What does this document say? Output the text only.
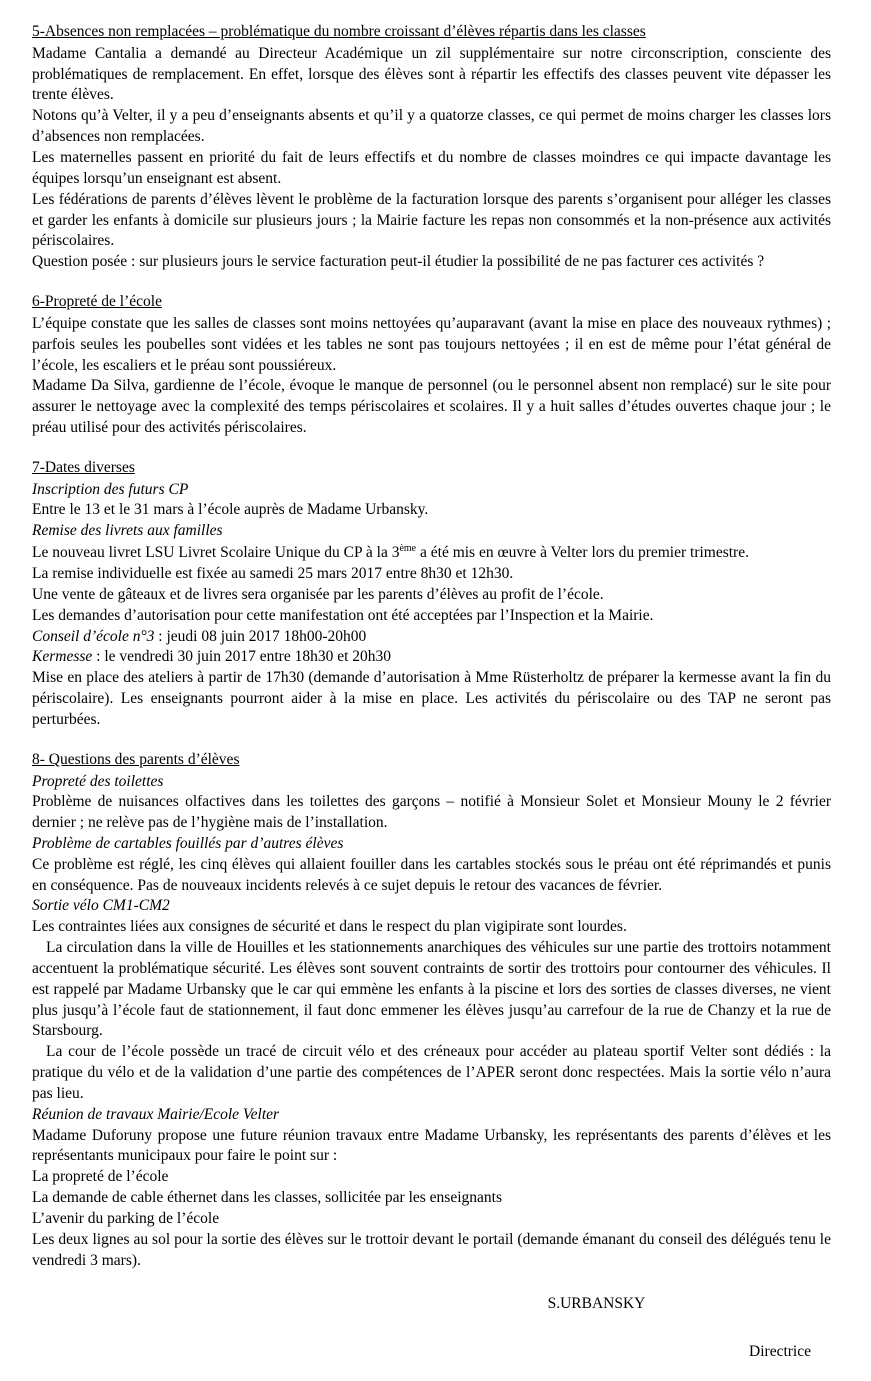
5-Absences non remplacées – problématique du nombre croissant d’élèves répartis dans les classes

Madame Cantalia a demandé au Directeur Académique un zil supplémentaire sur notre circonscription, consciente des problématiques de remplacement. En effet, lorsque des élèves sont à répartir les effectifs des classes peuvent vite dépasser les trente élèves.

Notons qu’à Velter, il y a peu d’enseignants absents et qu’il y a quatorze classes, ce qui permet de moins charger les classes lors d’absences non remplacées.

Les maternelles passent en priorité du fait de leurs effectifs et du nombre de classes moindres ce qui impacte davantage les équipes lorsqu’un enseignant est absent.

Les fédérations de parents d’élèves lèvent le problème de la facturation lorsque des parents s’organisent pour alléger les classes et garder les enfants à domicile sur plusieurs jours ; la Mairie facture les repas non consommés et la non-présence aux activités périscolaires.

Question posée : sur plusieurs jours le service facturation peut-il étudier la possibilité de ne pas facturer ces activités ?

6-Propreté de l’école

L’équipe constate que les salles de classes sont moins nettoyées qu’auparavant (avant la mise en place des nouveaux rythmes) ; parfois seules les poubelles sont vidées et les tables ne sont pas toujours nettoyées ; il en est de même pour l’état général de l’école, les escaliers et le préau sont poussiéreux.

Madame Da Silva, gardienne de l’école, évoque le manque de personnel (ou le personnel absent non remplacé) sur le site pour assurer le nettoyage avec la complexité des temps périscolaires et scolaires. Il y a huit salles d’études ouvertes chaque jour ; le préau utilisé pour des activités périscolaires.

7-Dates diverses
Inscription des futurs CP

Entre le 13 et le 31 mars à l’école auprès de Madame Urbansky.

Remise des livrets aux familles

Le nouveau livret LSU Livret Scolaire Unique du CP à la 3ème a été mis en œuvre à Velter lors du premier trimestre.

La remise individuelle est fixée au samedi 25 mars 2017 entre 8h30 et 12h30.

Une vente de gâteaux et de livres sera organisée par les parents d’élèves au profit de l’école.

Les demandes d’autorisation pour cette manifestation ont été acceptées par l’Inspection et la Mairie.

Conseil d’école n°3 : jeudi 08 juin 2017 18h00-20h00

Kermesse : le vendredi 30 juin 2017 entre 18h30 et 20h30

Mise en place des ateliers à partir de 17h30 (demande d’autorisation à Mme Rüsterholtz de préparer la kermesse avant la fin du périscolaire). Les enseignants pourront aider à la mise en place. Les activités du périscolaire ou des TAP ne seront pas perturbées.

8- Questions des parents d’élèves
Propreté des toilettes

Problème de nuisances olfactives dans les toilettes des garçons – notifié à Monsieur Solet et Monsieur Mouny le 2 février dernier ; ne relève pas de l’hygiène mais de l’installation.

Problème de cartables fouillés par d’autres élèves

Ce problème est réglé, les cinq élèves qui allaient fouiller dans les cartables stockés sous le préau ont été réprimandés et punis en conséquence. Pas de nouveaux incidents relevés à ce sujet depuis le retour des vacances de février.

Sortie vélo CM1-CM2

Les contraintes liées aux consignes de sécurité et dans le respect du plan vigipirate sont lourdes.

La circulation dans la ville de Houilles et les stationnements anarchiques des véhicules sur une partie des trottoirs notamment accentuent la problématique sécurité. Les élèves sont souvent contraints de sortir des trottoirs pour contourner des véhicules. Il est rappelé par Madame Urbansky que le car qui emmène les enfants à la piscine et lors des sorties de classes diverses, ne vient plus jusqu’à l’école faut de stationnement, il faut donc emmener les élèves jusqu’au carrefour de la rue de Chanzy et la rue de Starsbourg.

La cour de l’école possède un tracé de circuit vélo et des créneaux pour accéder au plateau sportif Velter sont dédiés : la pratique du vélo et de la validation d’une partie des compétences de l’APER seront donc respectées. Mais la sortie vélo n’aura pas lieu.

Réunion de travaux Mairie/Ecole Velter

Madame Duforuny propose une future réunion travaux entre Madame Urbansky, les représentants des parents d’élèves et les représentants municipaux pour faire le point sur :

La propreté de l’école

La demande de cable éthernet dans les classes, sollicitée par les enseignants

L’avenir du parking de l’école

Les deux lignes au sol pour la sortie des élèves sur le trottoir devant le portail (demande émanant du conseil des délégués tenu le vendredi 3 mars).

S.URBANSKY
Directrice
